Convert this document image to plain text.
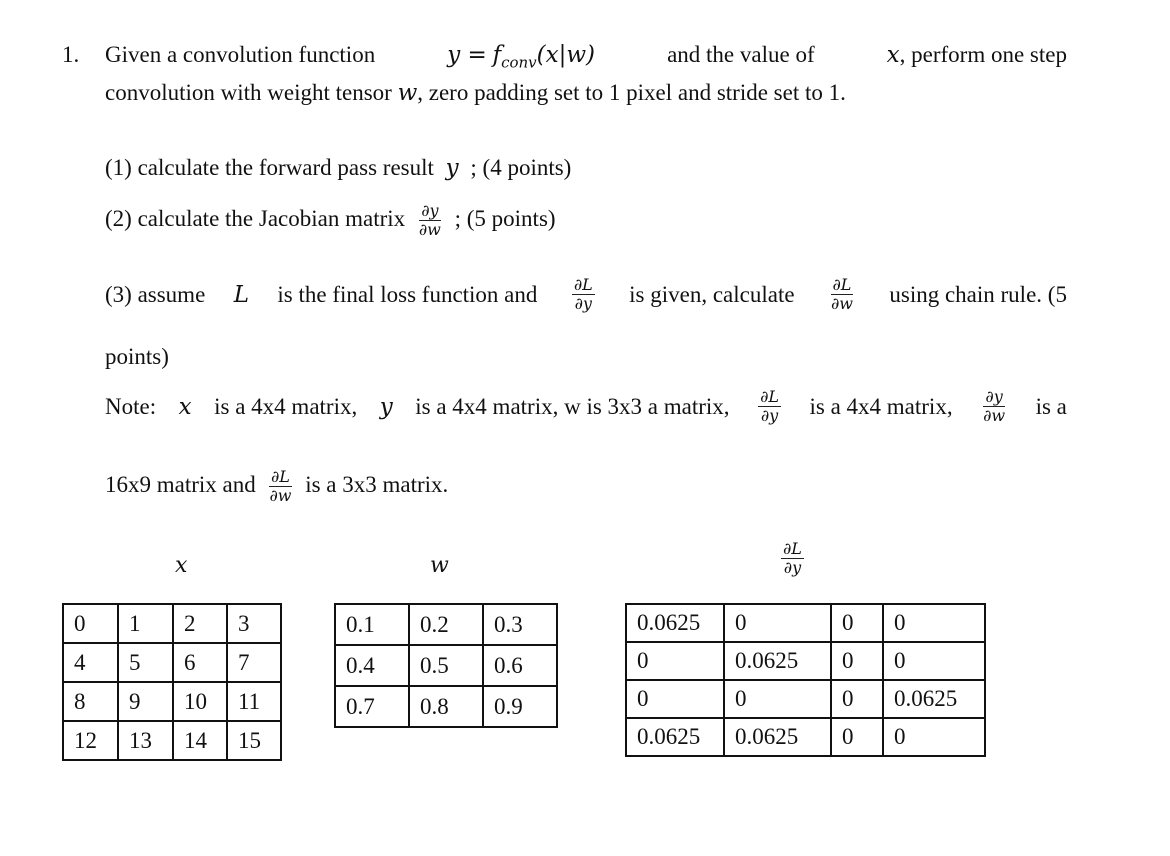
1. Given a convolution function	$y = f_{conv}(x|w)$	and the value of	x, perform one step
convolution with weight tensor w, zero padding set to 1 pixel and stride set to 1.
(1) calculate the forward pass result y ; (4 points)
(2) calculate the Jacobian matrix $\frac{\partial y}{\partial w}$ ; (5 points)
(3) assume L is the final loss function and $\frac{\partial L}{\partial y}$ is given, calculate $\frac{\partial L}{\partial w}$ using chain rule. (5
points)
Note: x is a 4x4 matrix, y is a 4x4 matrix, w is 3x3 a matrix, $\frac{\partial L}{\partial y}$ is a 4x4 matrix, $\frac{\partial y}{\partial w}$ is a
16x9 matrix and $\frac{\partial L}{\partial w}$ is a 3x3 matrix.
x	w	$\frac{\partial L}{\partial y}$
0	1	2	3
4	5	6	7
8	9	10	11
12	13	14	15
0.1	0.2	0.3
0.4	0.5	0.6
0.7	0.8	0.9
0.0625	0	0	0
0	0.0625	0	0
0	0	0	0.0625
0.0625	0.0625	0	0
